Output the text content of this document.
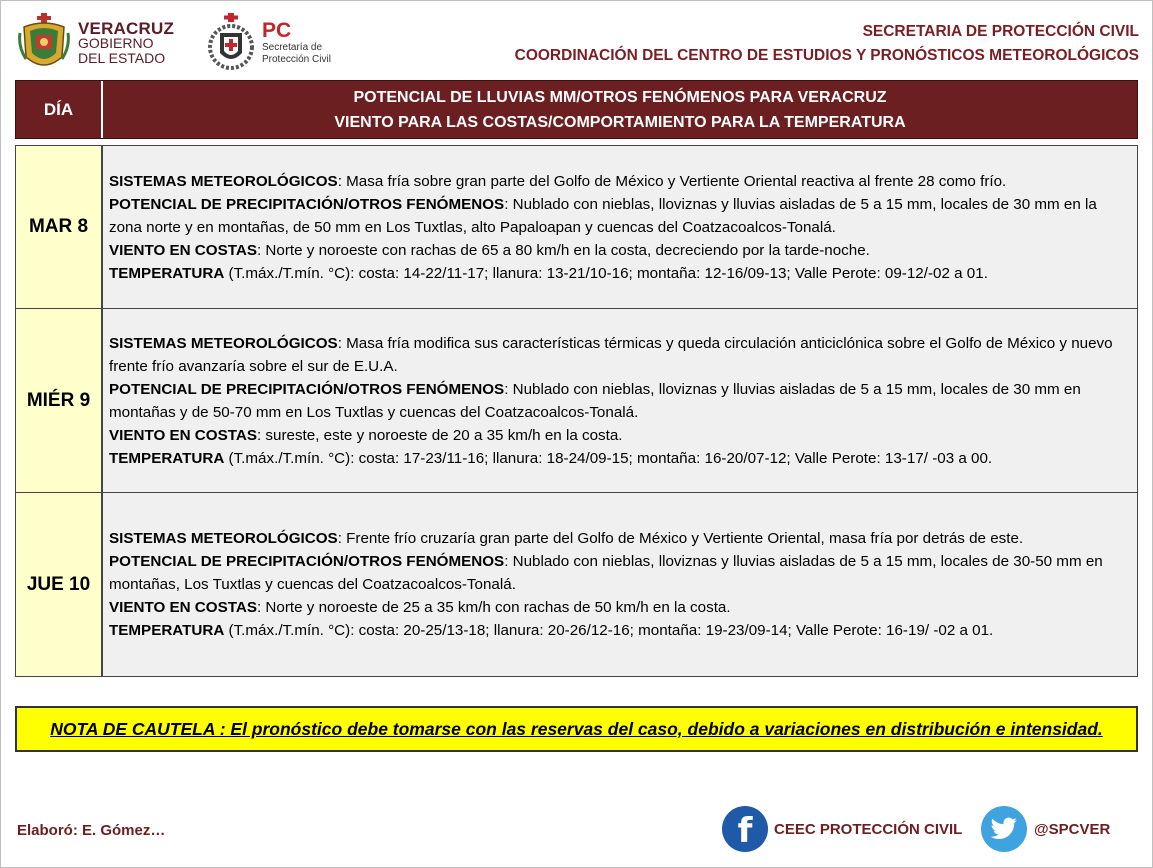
VERACRUZ
GOBIERNO
DEL ESTADO
PC
Secretaría de
Protección Civil
SECRETARIA DE PROTECCIÓN CIVIL
COORDINACIÓN DEL CENTRO DE ESTUDIOS Y PRONÓSTICOS METEOROLÓGICOS
DÍA
POTENCIAL DE LLUVIAS MM/OTROS FENÓMENOS PARA VERACRUZ
VIENTO PARA LAS COSTAS/COMPORTAMIENTO PARA LA TEMPERATURA
MAR 8

SISTEMAS METEOROLÓGICOS: Masa fría sobre gran parte del Golfo de México y Vertiente Oriental reactiva al frente 28 como frío.

POTENCIAL DE PRECIPITACIÓN/OTROS FENÓMENOS: Nublado con nieblas, lloviznas y lluvias aisladas de 5 a 15 mm, locales de 30 mm en la zona norte y en montañas, de 50 mm en Los Tuxtlas, alto Papaloapan y cuencas del Coatzacoalcos-Tonalá.

VIENTO EN COSTAS: Norte y noroeste con rachas de 65 a 80 km/h en la costa, decreciendo por la tarde-noche.

TEMPERATURA (T.máx./T.mín. °C): costa: 14-22/11-17; llanura: 13-21/10-16; montaña: 12-16/09-13; Valle Perote: 09-12/-02 a 01.

MIÉR 9

SISTEMAS METEOROLÓGICOS: Masa fría modifica sus características térmicas y queda circulación anticiclónica sobre el Golfo de México y nuevo frente frío avanzaría sobre el sur de E.U.A.

POTENCIAL DE PRECIPITACIÓN/OTROS FENÓMENOS: Nublado con nieblas, lloviznas y lluvias aisladas de 5 a 15 mm, locales de 30 mm en montañas y de 50-70 mm en Los Tuxtlas y cuencas del Coatzacoalcos-Tonalá.

VIENTO EN COSTAS: sureste, este y noroeste de 20 a 35 km/h en la costa.

TEMPERATURA (T.máx./T.mín. °C): costa: 17-23/11-16; llanura: 18-24/09-15; montaña: 16-20/07-12; Valle Perote: 13-17/ -03 a 00.

JUE 10

SISTEMAS METEOROLÓGICOS: Frente frío cruzaría gran parte del Golfo de México y Vertiente Oriental, masa fría por detrás de este.

POTENCIAL DE PRECIPITACIÓN/OTROS FENÓMENOS: Nublado con nieblas, lloviznas y lluvias aisladas de 5 a 15 mm, locales de 30-50 mm en montañas, Los Tuxtlas y cuencas del Coatzacoalcos-Tonalá.

VIENTO EN COSTAS: Norte y noroeste de 25 a 35 km/h con rachas de 50 km/h en la costa.

TEMPERATURA (T.máx./T.mín. °C): costa: 20-25/13-18; llanura: 20-26/12-16; montaña: 19-23/09-14; Valle Perote: 16-19/ -02 a 01.

NOTA DE CAUTELA : El pronóstico debe tomarse con las reservas del caso, debido a variaciones en distribución e intensidad.
Elaboró: E. Gómez…	f	CEEC PROTECCIÓN CIVIL	@SPCVER
